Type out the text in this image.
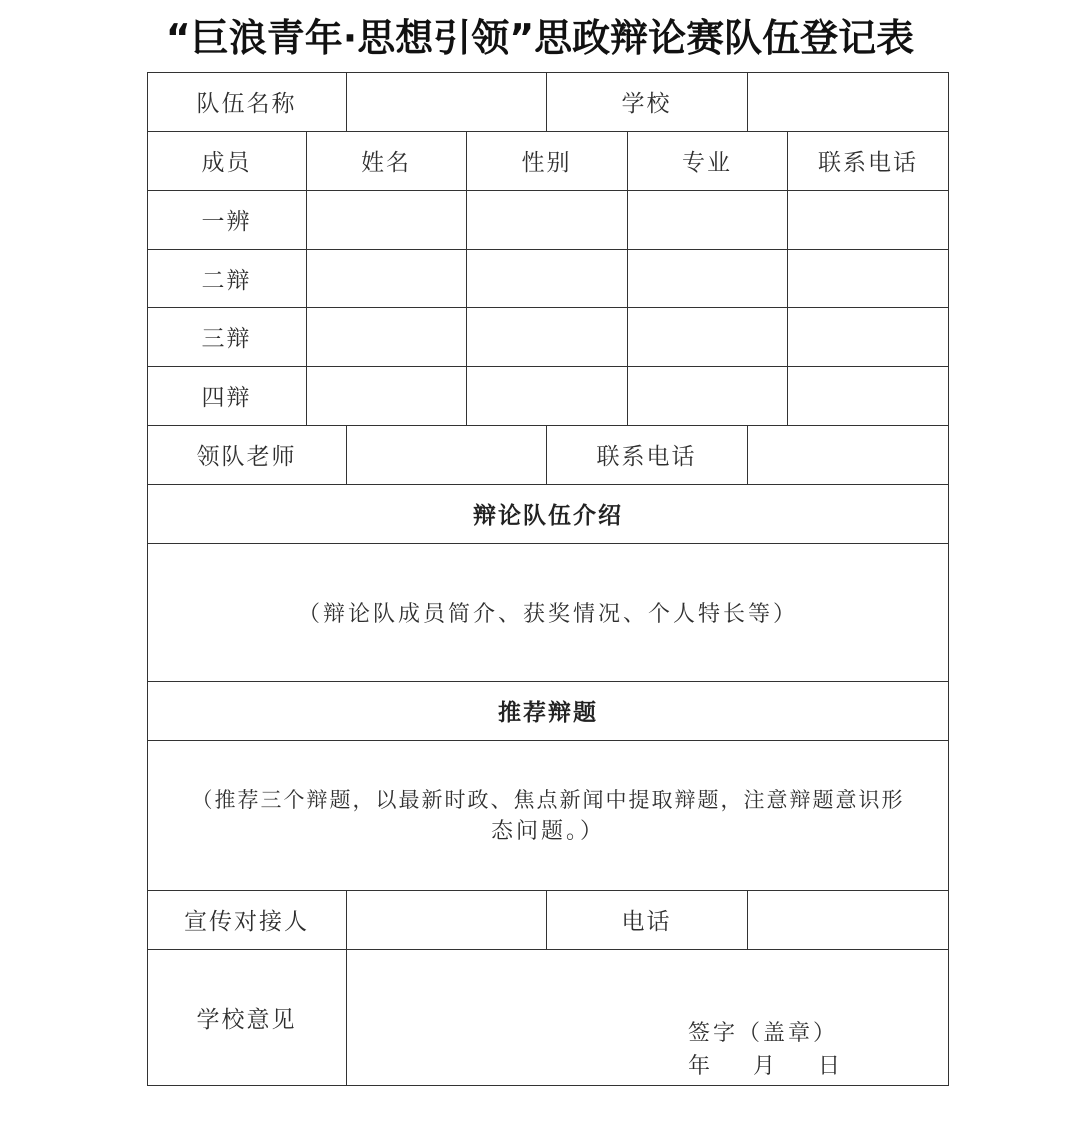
“巨浪青年·思想引领”思政辩论赛队伍登记表
队伍名称	学校
成员	姓名	性别	专业	联系电话
一辨
二辩
三辩
四辩
领队老师	联系电话
辩论队伍介绍
（辩论队成员简介、获奖情况、个人特长等）
推荐辩题
（推荐三个辩题，以最新时政、焦点新闻中提取辩题，注意辩题意识形
态问题。）
宣传对接人	电话
学校意见
签字（盖章）
年    月    日
